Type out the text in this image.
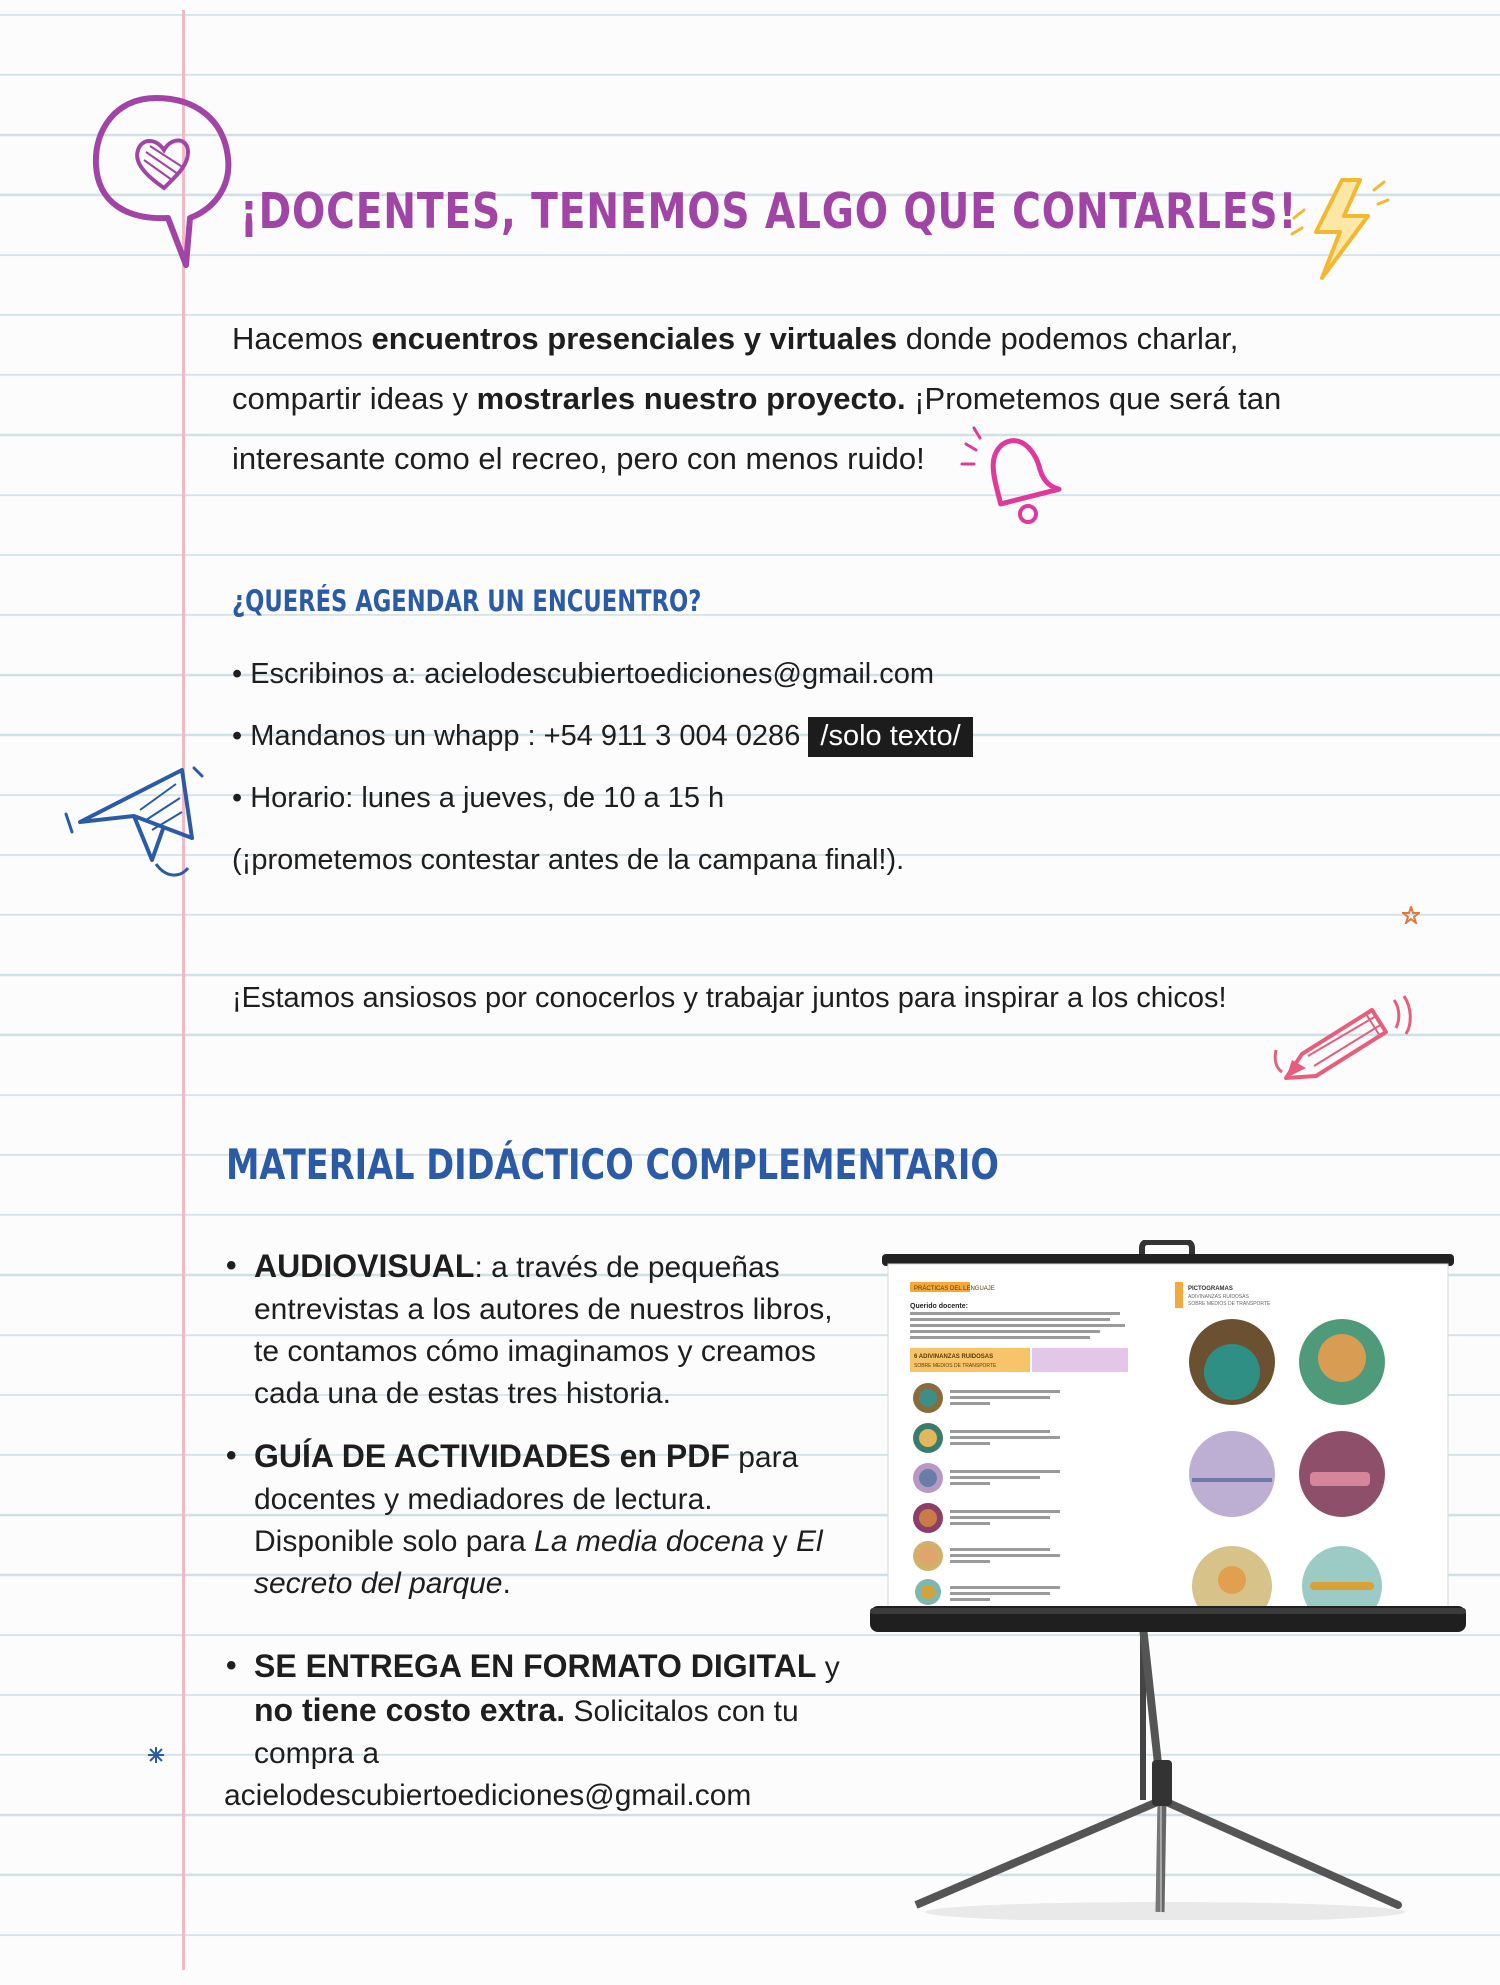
¡DOCENTES, TENEMOS ALGO QUE CONTARLES!

Hacemos encuentros presenciales y virtuales donde podemos charlar,

compartir ideas y mostrarles nuestro proyecto. ¡Prometemos que será tan

interesante como el recreo, pero con menos ruido!

¿QUERÉS AGENDAR UN ENCUENTRO?
• Escribinos a: acielodescubiertoediciones@gmail.com
• Mandanos un whapp : +54 911 3 004 0286 /solo texto/
• Horario: lunes a jueves, de 10 a 15 h
(¡prometemos contestar antes de la campana final!).

¡Estamos ansiosos por conocerlos y trabajar juntos para inspirar a los chicos!

MATERIAL DIDÁCTICO COMPLEMENTARIO
• AUDIOVISUAL: a través de pequeñas entrevistas a los autores de nuestros libros, te contamos cómo imaginamos y creamos cada una de estas tres historia.
• GUÍA DE ACTIVIDADES en PDF para docentes y mediadores de lectura. Disponible solo para La media docena y El secreto del parque.
• SE ENTREGA EN FORMATO DIGITAL y no tiene costo extra. Solicitalos con tu compra a
acielodescubiertoediciones@gmail.com
PRÁCTICAS DEL LENGUAJE
Querido docente:
6 ADIVINANZAS RUIDOSAS
SOBRE MEDIOS DE TRANSPORTE
PICTOGRAMAS
ADIVINANZAS RUIDOSAS
SOBRE MEDIOS DE TRANSPORTE
